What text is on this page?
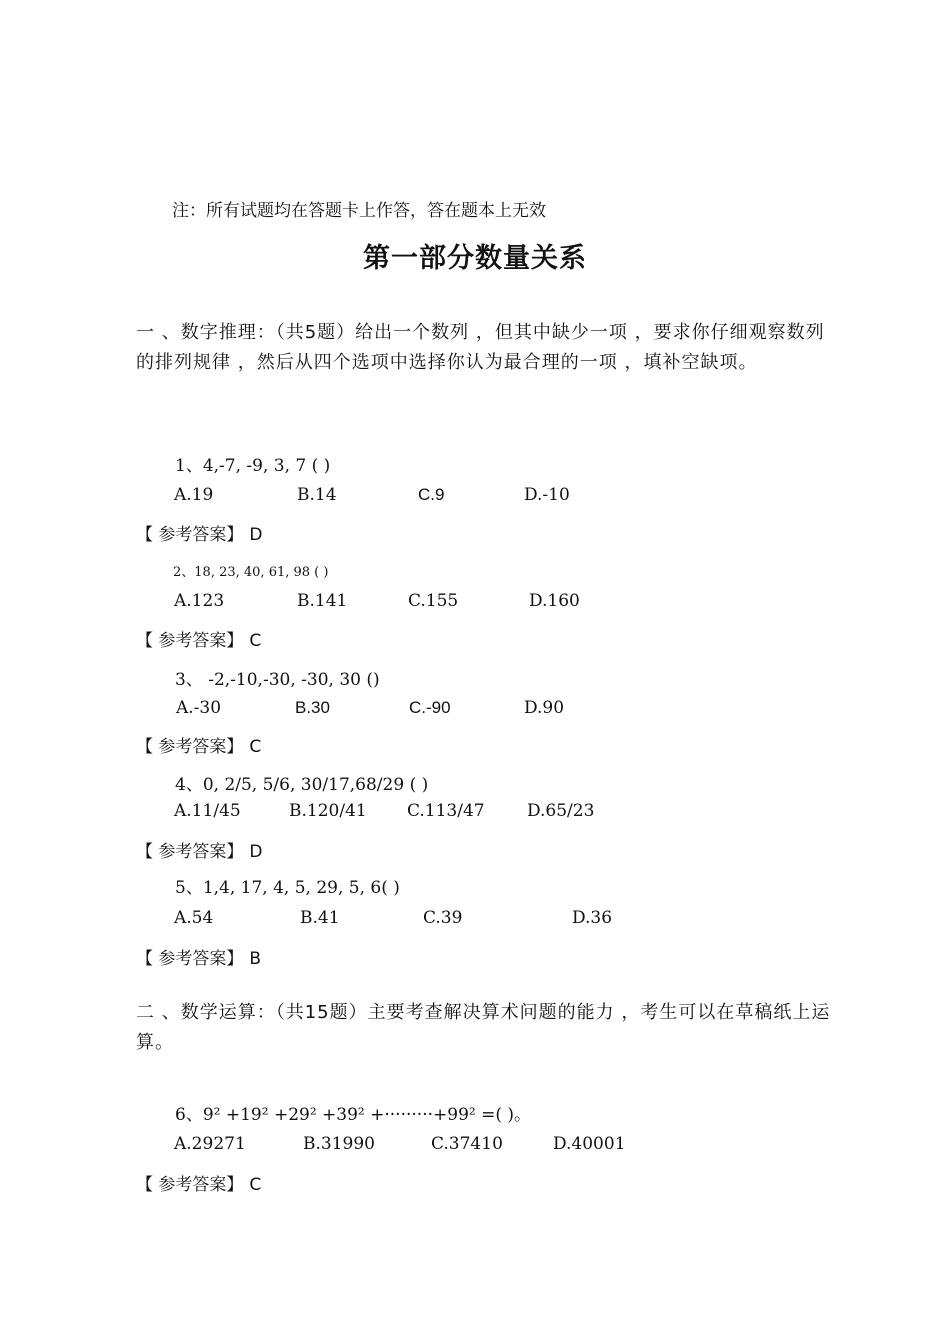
注：所有试题均在答题卡上作答，答在题本上无效
第一部分数量关系
一 、数字推理：（共5题）给出一个数列 ，但其中缺少一项 ，要求你仔细观察数列的排列规律 ，然后从四个选项中选择你认为最合理的一项 ，填补空缺项。
1、4,-7, -9, 3, 7 ( )
A.19	B.14	C.9	D.-10
【 参考答案】 D
2、18, 23, 40, 61, 98 ( )
A.123	B.141	C.155	D.160
【 参考答案】 C
3、 -2,-10,-30, -30, 30 ()
A.-30	B.30	C.-90	D.90
【 参考答案】 C
4、0, 2/5, 5/6, 30/17,68/29 ( )
A.11/45	B.120/41 C.113/47 D.65/23
【 参考答案】 D
5、1,4, 17, 4, 5, 29, 5, 6( )
A.54	B.41	C.39	D.36
【 参考答案】 B
二 、数学运算：（共15题）主要考查解决算术问题的能力 ，考生可以在草稿纸上运算。
6、9² +19² +29² +39² +·········+99² =( )。
A.29271	B.31990	C.37410	D.40001
【 参考答案】 C
